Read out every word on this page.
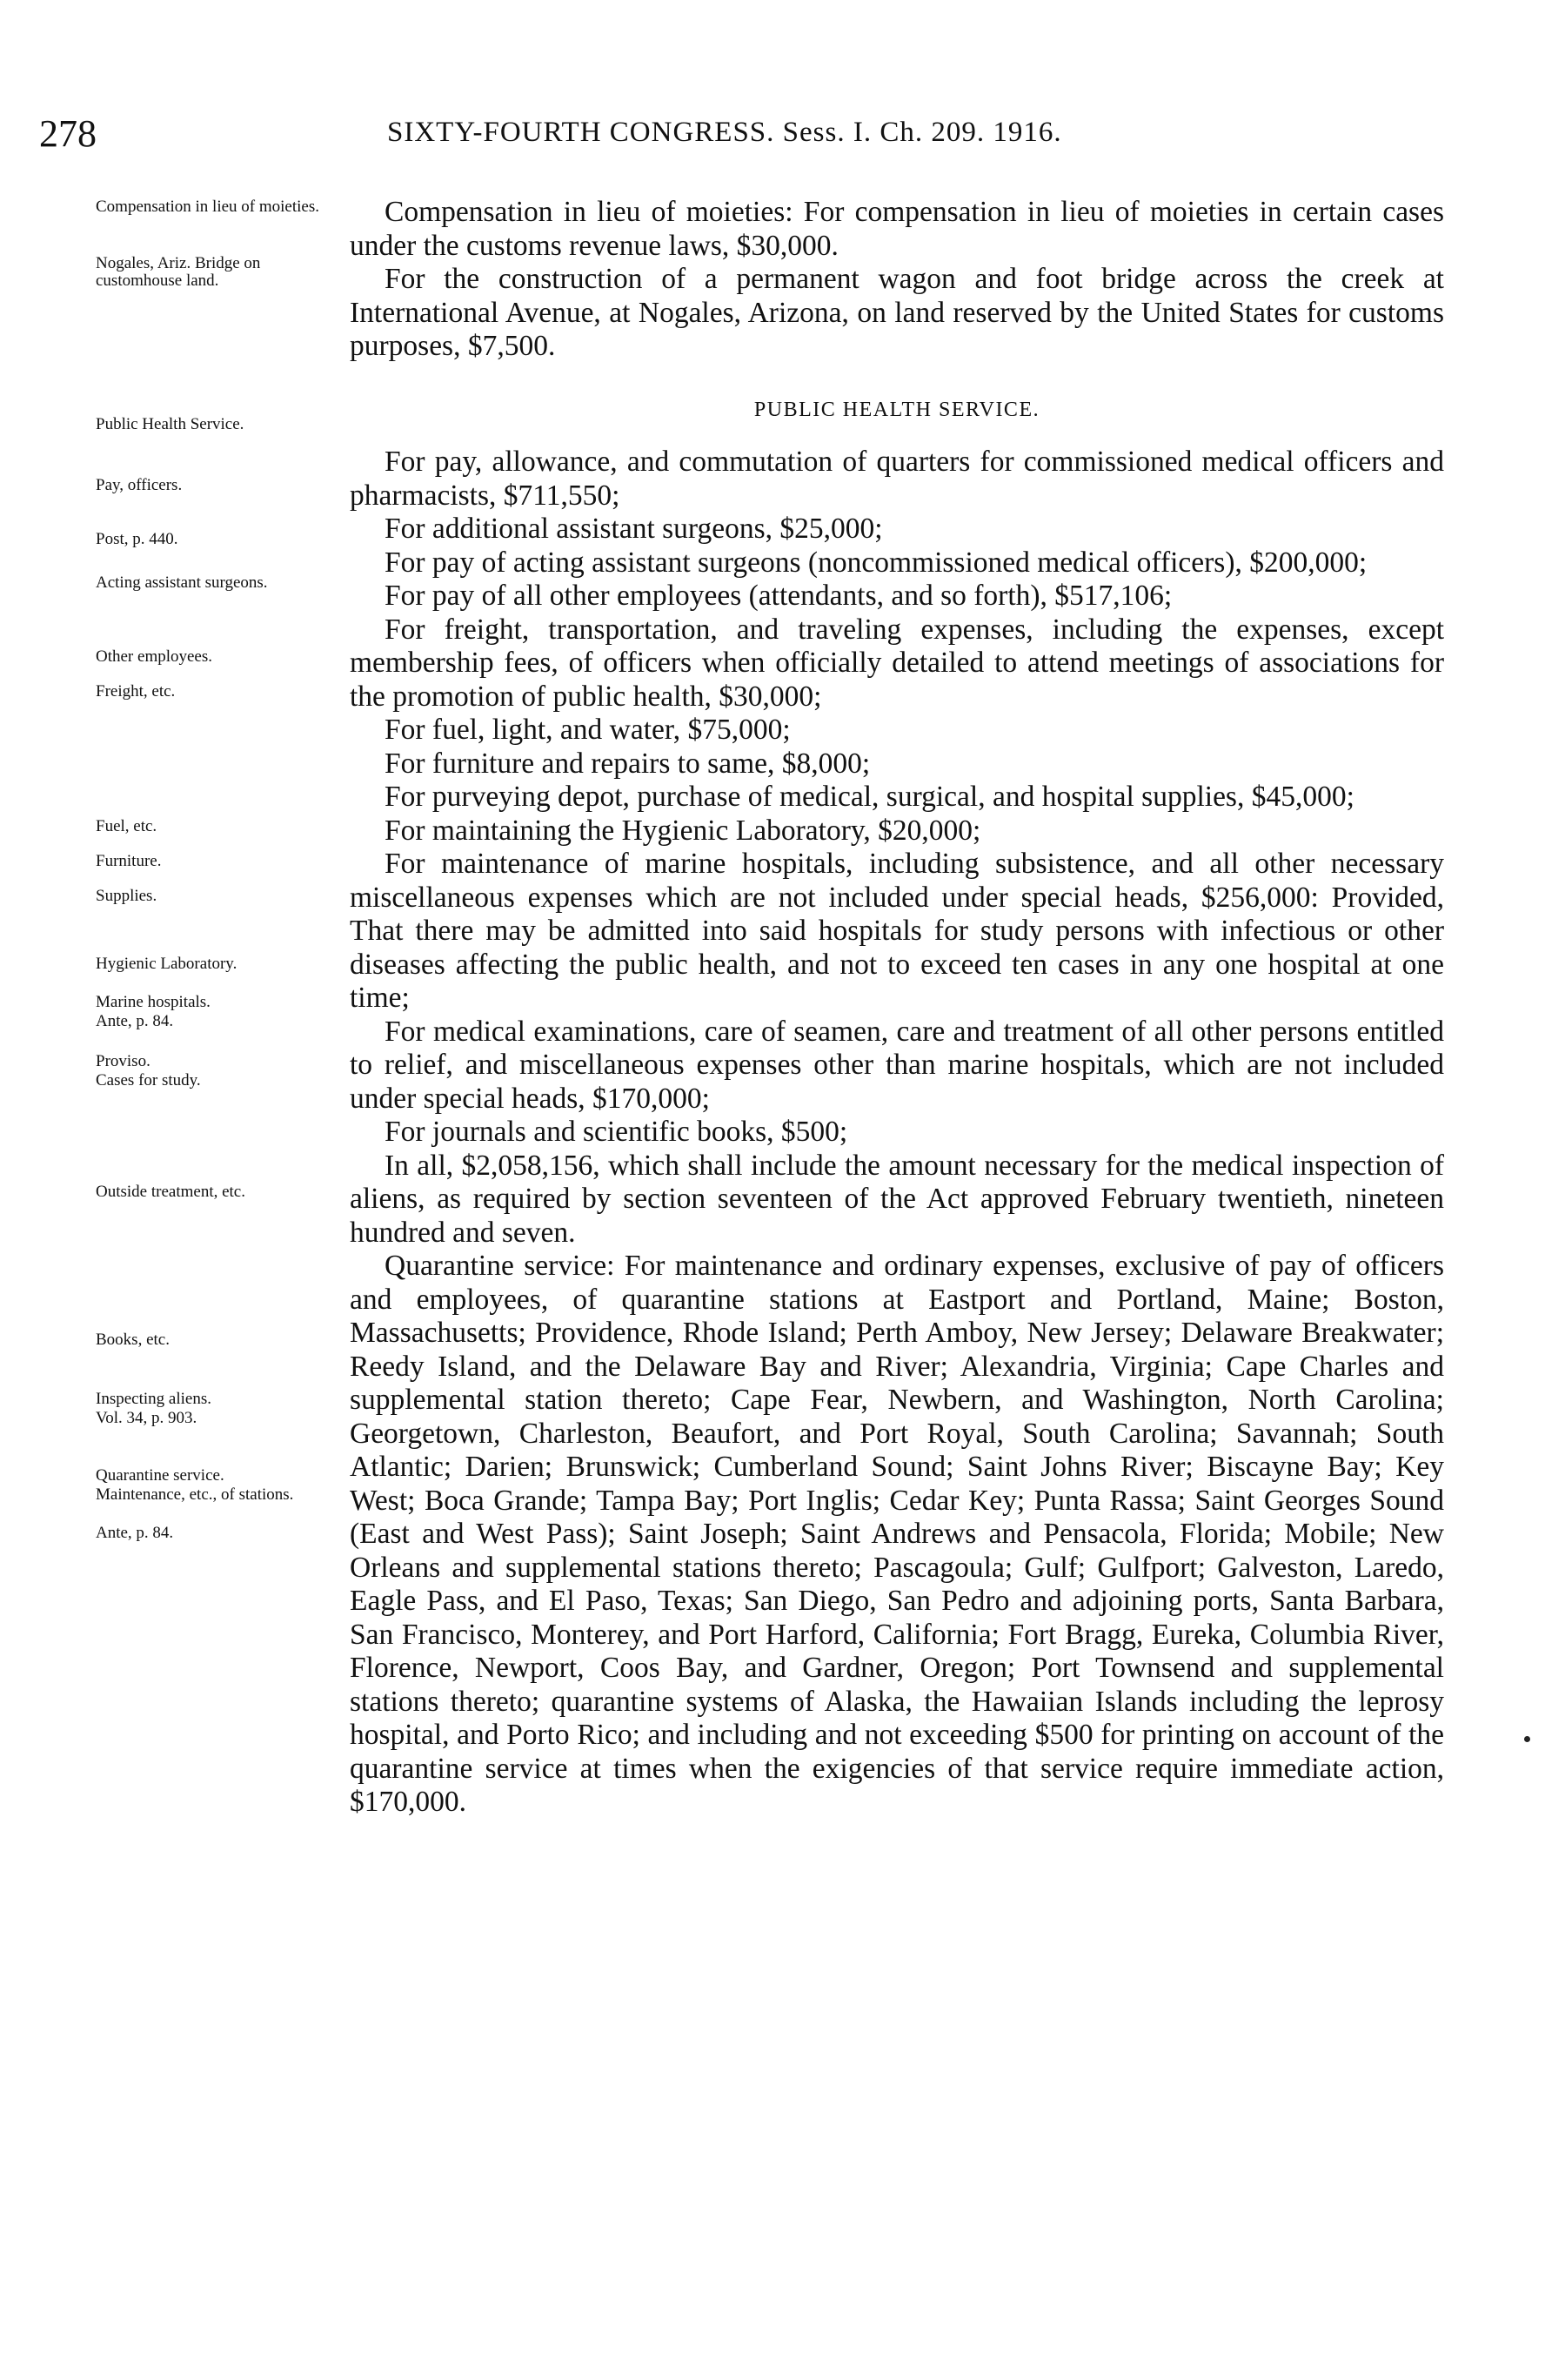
278	SIXTY-FOURTH CONGRESS. Sess. I. Ch. 209. 1916.
Compensation in lieu of moieties.
Nogales, Ariz. Bridge on customhouse land.
Public Health Service.
Pay, officers.
Post, p. 440.
Acting assistant surgeons.
Other employees.
Freight, etc.
Fuel, etc.
Furniture.
Supplies.
Hygienic Laboratory.
Marine hospitals.
Ante, p. 84.
Proviso.
Cases for study.
Outside treatment, etc.
Books, etc.
Inspecting aliens.
Vol. 34, p. 903.
Quarantine service.
Maintenance, etc., of stations.
Ante, p. 84.

Compensation in lieu of moieties: For compensation in lieu of moieties in certain cases under the customs revenue laws, $30,000.

For the construction of a permanent wagon and foot bridge across the creek at International Avenue, at Nogales, Arizona, on land reserved by the United States for customs purposes, $7,500.

PUBLIC HEALTH SERVICE.

For pay, allowance, and commutation of quarters for commissioned medical officers and pharmacists, $711,550;

For additional assistant surgeons, $25,000;

For pay of acting assistant surgeons (noncommissioned medical officers), $200,000;

For pay of all other employees (attendants, and so forth), $517,106;

For freight, transportation, and traveling expenses, including the expenses, except membership fees, of officers when officially detailed to attend meetings of associations for the promotion of public health, $30,000;

For fuel, light, and water, $75,000;

For furniture and repairs to same, $8,000;

For purveying depot, purchase of medical, surgical, and hospital supplies, $45,000;

For maintaining the Hygienic Laboratory, $20,000;

For maintenance of marine hospitals, including subsistence, and all other necessary miscellaneous expenses which are not included under special heads, $256,000: Provided, That there may be admitted into said hospitals for study persons with infectious or other diseases affecting the public health, and not to exceed ten cases in any one hospital at one time;

For medical examinations, care of seamen, care and treatment of all other persons entitled to relief, and miscellaneous expenses other than marine hospitals, which are not included under special heads, $170,000;

For journals and scientific books, $500;

In all, $2,058,156, which shall include the amount necessary for the medical inspection of aliens, as required by section seventeen of the Act approved February twentieth, nineteen hundred and seven.

Quarantine service: For maintenance and ordinary expenses, exclusive of pay of officers and employees, of quarantine stations at Eastport and Portland, Maine; Boston, Massachusetts; Providence, Rhode Island; Perth Amboy, New Jersey; Delaware Breakwater; Reedy Island, and the Delaware Bay and River; Alexandria, Virginia; Cape Charles and supplemental station thereto; Cape Fear, Newbern, and Washington, North Carolina; Georgetown, Charleston, Beaufort, and Port Royal, South Carolina; Savannah; South Atlantic; Darien; Brunswick; Cumberland Sound; Saint Johns River; Biscayne Bay; Key West; Boca Grande; Tampa Bay; Port Inglis; Cedar Key; Punta Rassa; Saint Georges Sound (East and West Pass); Saint Joseph; Saint Andrews and Pensacola, Florida; Mobile; New Orleans and supplemental stations thereto; Pascagoula; Gulf; Gulfport; Galveston, Laredo, Eagle Pass, and El Paso, Texas; San Diego, San Pedro and adjoining ports, Santa Barbara, San Francisco, Monterey, and Port Harford, California; Fort Bragg, Eureka, Columbia River, Florence, Newport, Coos Bay, and Gardner, Oregon; Port Townsend and supplemental stations thereto; quarantine systems of Alaska, the Hawaiian Islands including the leprosy hospital, and Porto Rico; and including and not exceeding $500 for printing on account of the quarantine service at times when the exigencies of that service require immediate action, $170,000.
